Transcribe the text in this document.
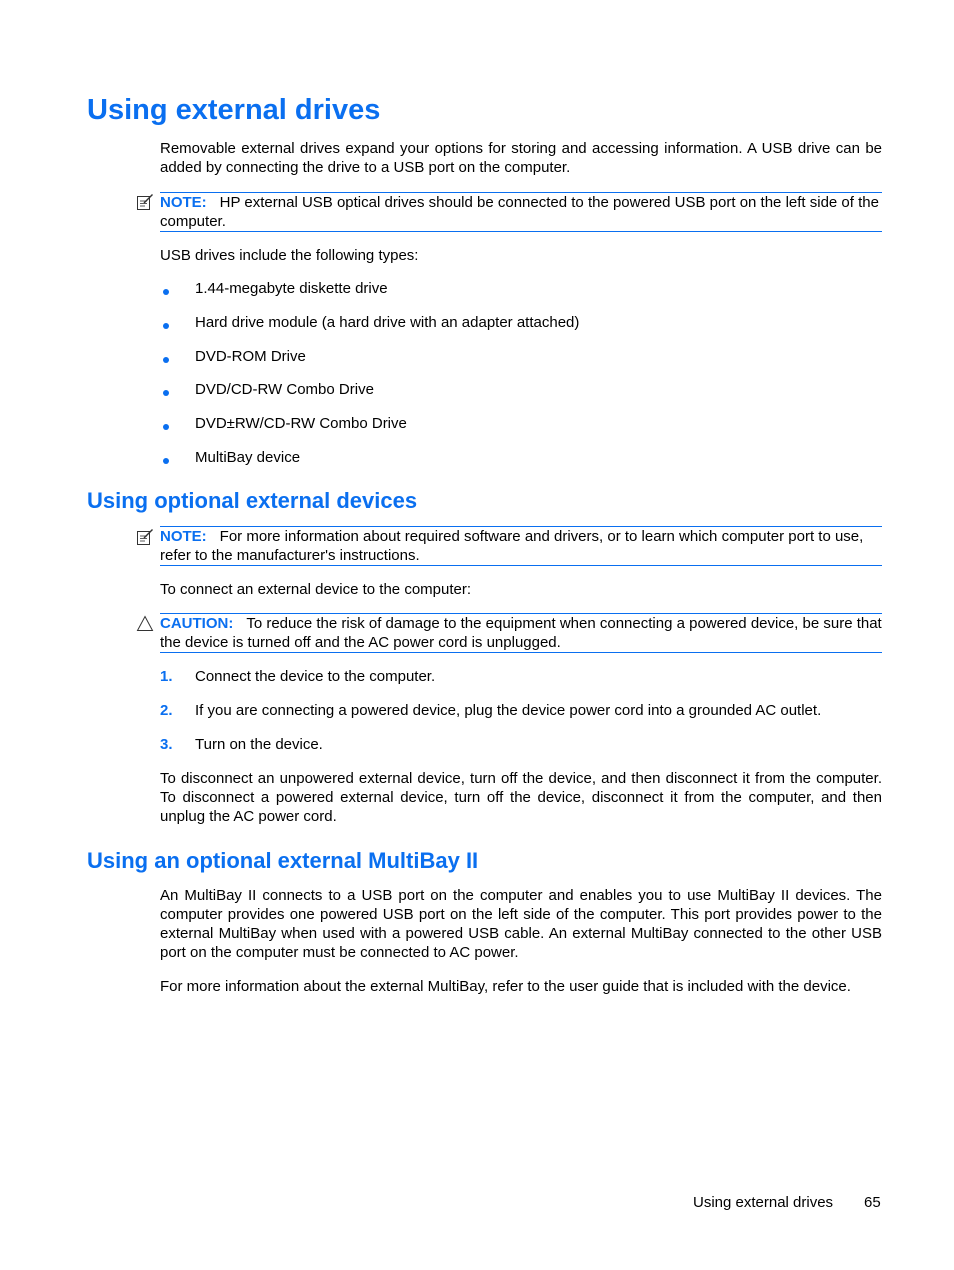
Using external drives
Removable external drives expand your options for storing and accessing information. A USB drive can be added by connecting the drive to a USB port on the computer.
NOTE: HP external USB optical drives should be connected to the powered USB port on the left side of the computer.
USB drives include the following types:
1.44-megabyte diskette drive
Hard drive module (a hard drive with an adapter attached)
DVD-ROM Drive
DVD/CD-RW Combo Drive
DVD±RW/CD-RW Combo Drive
MultiBay device
Using optional external devices
NOTE: For more information about required software and drivers, or to learn which computer port to use, refer to the manufacturer's instructions.
To connect an external device to the computer:
CAUTION: To reduce the risk of damage to the equipment when connecting a powered device, be sure that the device is turned off and the AC power cord is unplugged.
1. Connect the device to the computer.
2. If you are connecting a powered device, plug the device power cord into a grounded AC outlet.
3. Turn on the device.
To disconnect an unpowered external device, turn off the device, and then disconnect it from the computer. To disconnect a powered external device, turn off the device, disconnect it from the computer, and then unplug the AC power cord.
Using an optional external MultiBay II
An MultiBay II connects to a USB port on the computer and enables you to use MultiBay II devices. The computer provides one powered USB port on the left side of the computer. This port provides power to the external MultiBay when used with a powered USB cable. An external MultiBay connected to the other USB port on the computer must be connected to AC power.
For more information about the external MultiBay, refer to the user guide that is included with the device.
Using external drives 65
